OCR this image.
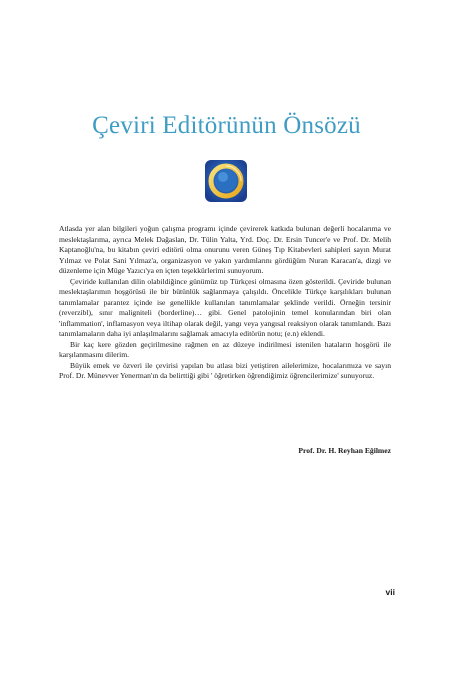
Çeviri Editörünün Önsözü

Atlasda yer alan bilgileri yoğun çalışma programı içinde çevirerek katkıda bulunan değerli hocalarıma ve meslektaşlarıma, ayrıca Melek Dağaslan, Dr. Tülin Yalta, Yrd. Doç. Dr. Ersin Tuncer'e ve Prof. Dr. Melih Kaptanoğlu'na, bu kitabın çeviri editörü olma onurunu veren Güneş Tıp Kitabevleri sahipleri sayın Murat Yılmaz ve Polat Sani Yılmaz'a, organizasyon ve yakın yardımlarını gördüğüm Nuran Karacan'a, dizgi ve düzenleme için Müge Yazıcı'ya en içten teşekkürlerimi sunuyorum.

Çeviride kullanılan dilin olabildiğince günümüz tıp Türkçesi olmasına özen gösterildi. Çeviride bulunan meslektaşlarımın hoşgörüsü ile bir bütünlük sağlanmaya çalışıldı. Öncelikle Türkçe karşılıkları bulunan tanımlamalar parantez içinde ise genellikle kullanılan tanımlamalar şeklinde verildi. Örneğin tersinir (reverzibl), sınır maligniteli (borderline)… gibi. Genel patolojinin temel konularından biri olan 'inflammation', inflamasyon veya iltihap olarak değil, yangı veya yangısal reaksiyon olarak tanımlandı. Bazı tanımlamaların daha iyi anlaşılmalarını sağlamak amacıyla editörün notu; (e.n) eklendi.

Bir kaç kere gözden geçirilmesine rağmen en az düzeye indirilmesi istenilen hataların hoşgörü ile karşılanmasını dilerim.

Büyük emek ve özveri ile çevirisi yapılan bu atlası bizi yetiştiren ailelerimize, hocalarımıza ve sayın Prof. Dr. Münevver Yenerman'ın da belirttiği gibi ' öğretirken öğrendiğimiz öğrencilerimize' sunuyoruz.

Prof. Dr. H. Reyhan Eğilmez
vii
